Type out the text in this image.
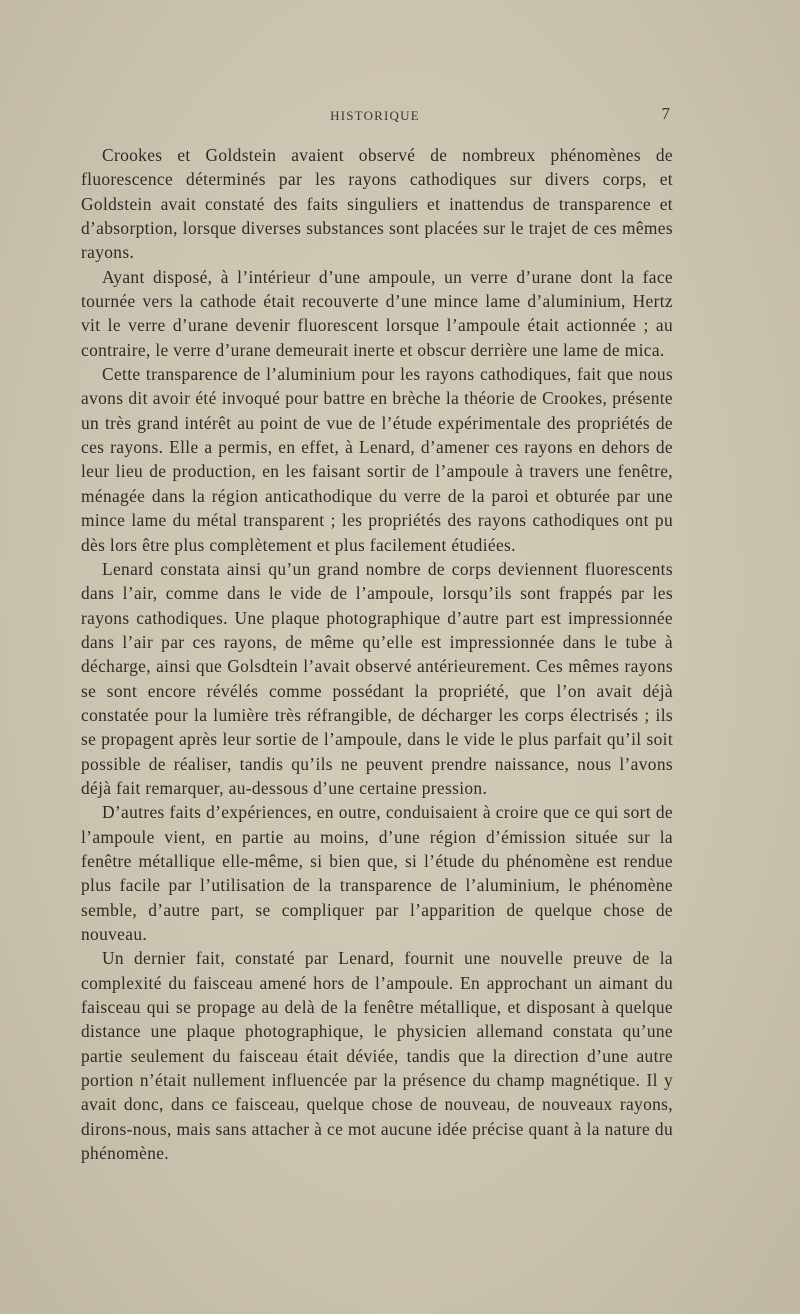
HISTORIQUE	7

Crookes et Goldstein avaient observé de nombreux phénomènes de fluorescence déterminés par les rayons cathodiques sur divers corps, et Goldstein avait constaté des faits singuliers et inattendus de transparence et d’absorption, lorsque diverses substances sont placées sur le trajet de ces mêmes rayons.

Ayant disposé, à l’intérieur d’une ampoule, un verre d’urane dont la face tournée vers la cathode était recouverte d’une mince lame d’aluminium, Hertz vit le verre d’urane devenir fluorescent lorsque l’ampoule était actionnée ; au contraire, le verre d’urane demeurait inerte et obscur derrière une lame de mica.

Cette transparence de l’aluminium pour les rayons cathodiques, fait que nous avons dit avoir été invoqué pour battre en brèche la théorie de Crookes, présente un très grand intérêt au point de vue de l’étude expérimentale des propriétés de ces rayons. Elle a permis, en effet, à Lenard, d’amener ces rayons en dehors de leur lieu de production, en les faisant sortir de l’ampoule à travers une fenêtre, ménagée dans la région anticathodique du verre de la paroi et obturée par une mince lame du métal transparent ; les propriétés des rayons cathodiques ont pu dès lors être plus complètement et plus facilement étudiées.

Lenard constata ainsi qu’un grand nombre de corps deviennent fluorescents dans l’air, comme dans le vide de l’ampoule, lorsqu’ils sont frappés par les rayons cathodiques. Une plaque photographique d’autre part est impressionnée dans l’air par ces rayons, de même qu’elle est impressionnée dans le tube à décharge, ainsi que Golsdtein l’avait observé antérieurement. Ces mêmes rayons se sont encore révélés comme possédant la propriété, que l’on avait déjà constatée pour la lumière très réfrangible, de décharger les corps électrisés ; ils se propagent après leur sortie de l’ampoule, dans le vide le plus parfait qu’il soit possible de réaliser, tandis qu’ils ne peuvent prendre naissance, nous l’avons déjà fait remarquer, au-dessous d’une certaine pression.

D’autres faits d’expériences, en outre, conduisaient à croire que ce qui sort de l’ampoule vient, en partie au moins, d’une région d’émission située sur la fenêtre métallique elle-même, si bien que, si l’étude du phénomène est rendue plus facile par l’utilisation de la transparence de l’aluminium, le phénomène semble, d’autre part, se compliquer par l’apparition de quelque chose de nouveau.

Un dernier fait, constaté par Lenard, fournit une nouvelle preuve de la complexité du faisceau amené hors de l’ampoule. En approchant un aimant du faisceau qui se propage au delà de la fenêtre métallique, et disposant à quelque distance une plaque photographique, le physicien allemand constata qu’une partie seulement du faisceau était déviée, tandis que la direction d’une autre portion n’était nullement influencée par la présence du champ magnétique. Il y avait donc, dans ce faisceau, quelque chose de nouveau, de nouveaux rayons, dirons-nous, mais sans attacher à ce mot aucune idée précise quant à la nature du phénomène.
